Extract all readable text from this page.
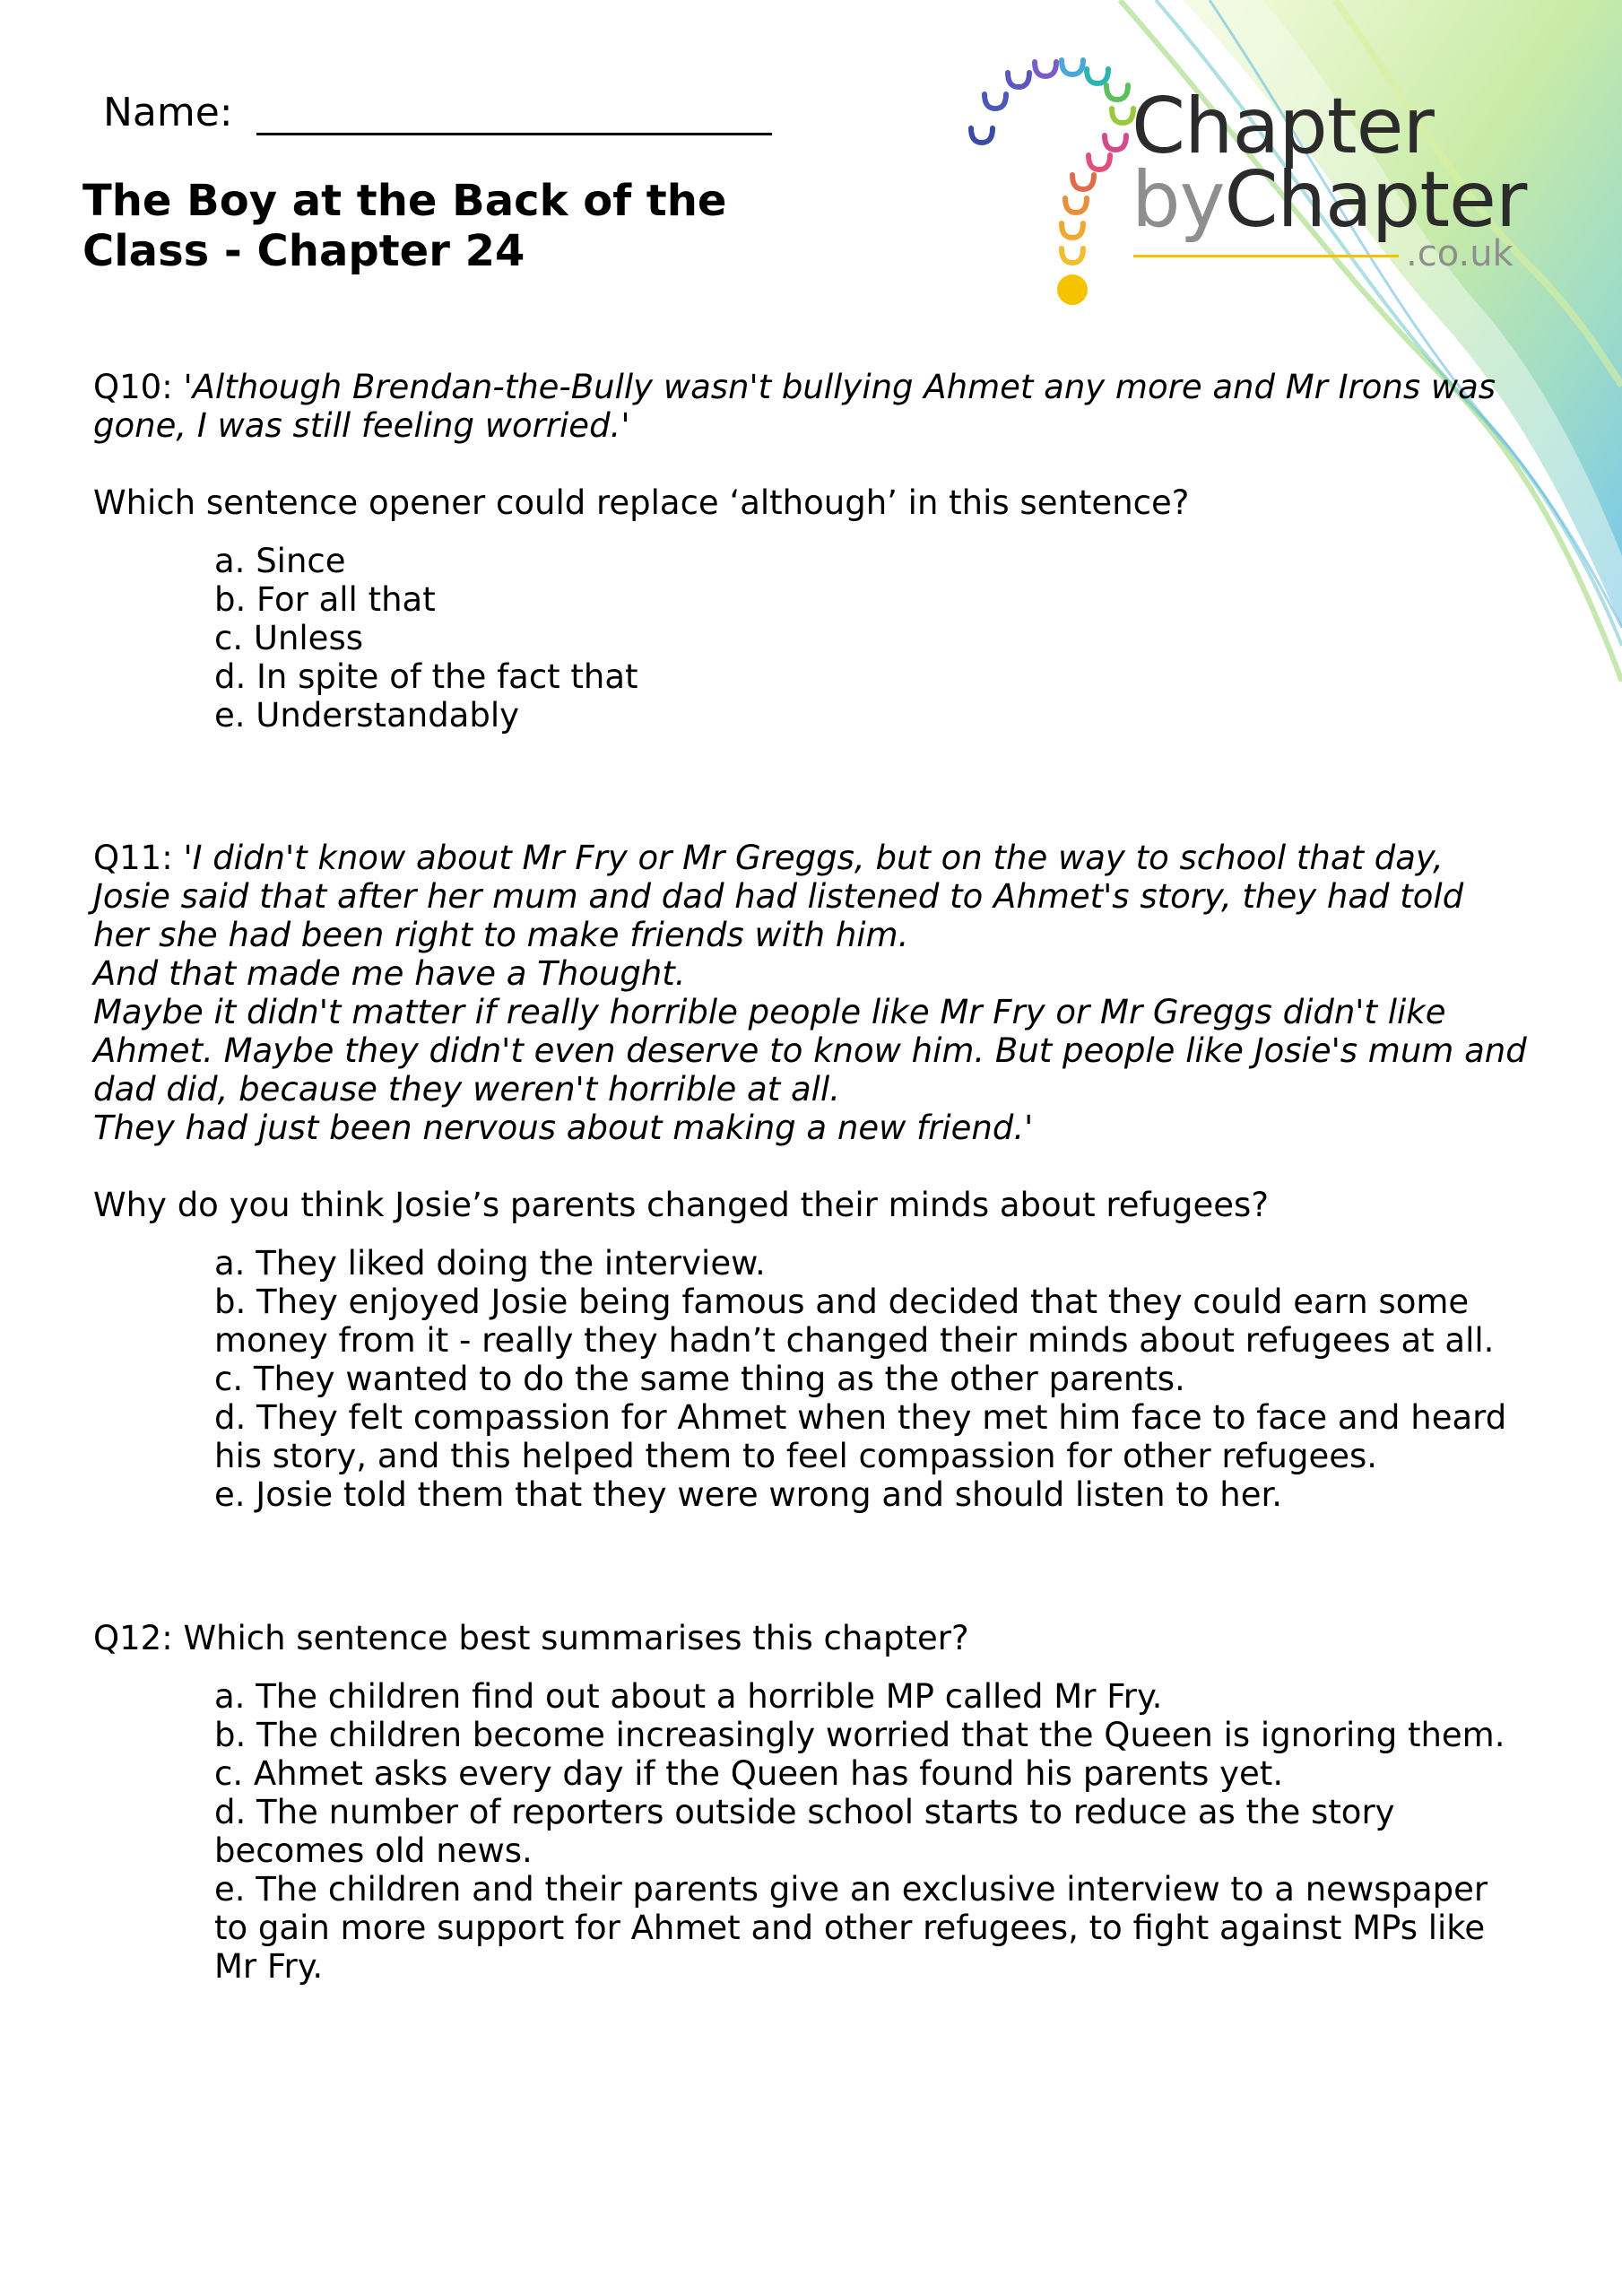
Chapter
byChapter
.co.uk
Name:
The Boy at the Back of the Class - Chapter 24
Q10: 'Although Brendan-the-Bully wasn't bullying Ahmet any more and Mr Irons was gone, I was still feeling worried.'
Which sentence opener could replace ‘although’ in this sentence?
a. Since
b. For all that
c. Unless
d. In spite of the fact that
e. Understandably
Q11: 'I didn't know about Mr Fry or Mr Greggs, but on the way to school that day, Josie said that after her mum and dad had listened to Ahmet's story, they had told her she had been right to make friends with him.
And that made me have a Thought.
Maybe it didn't matter if really horrible people like Mr Fry or Mr Greggs didn't like Ahmet. Maybe they didn't even deserve to know him. But people like Josie's mum and dad did, because they weren't horrible at all.
They had just been nervous about making a new friend.'
Why do you think Josie’s parents changed their minds about refugees?
a. They liked doing the interview.
b. They enjoyed Josie being famous and decided that they could earn some money from it - really they hadn’t changed their minds about refugees at all.
c. They wanted to do the same thing as the other parents.
d. They felt compassion for Ahmet when they met him face to face and heard his story, and this helped them to feel compassion for other refugees.
e. Josie told them that they were wrong and should listen to her.
Q12: Which sentence best summarises this chapter?
a. The children find out about a horrible MP called Mr Fry.
b. The children become increasingly worried that the Queen is ignoring them.
c. Ahmet asks every day if the Queen has found his parents yet.
d. The number of reporters outside school starts to reduce as the story becomes old news.
e. The children and their parents give an exclusive interview to a newspaper to gain more support for Ahmet and other refugees, to fight against MPs like Mr Fry.
